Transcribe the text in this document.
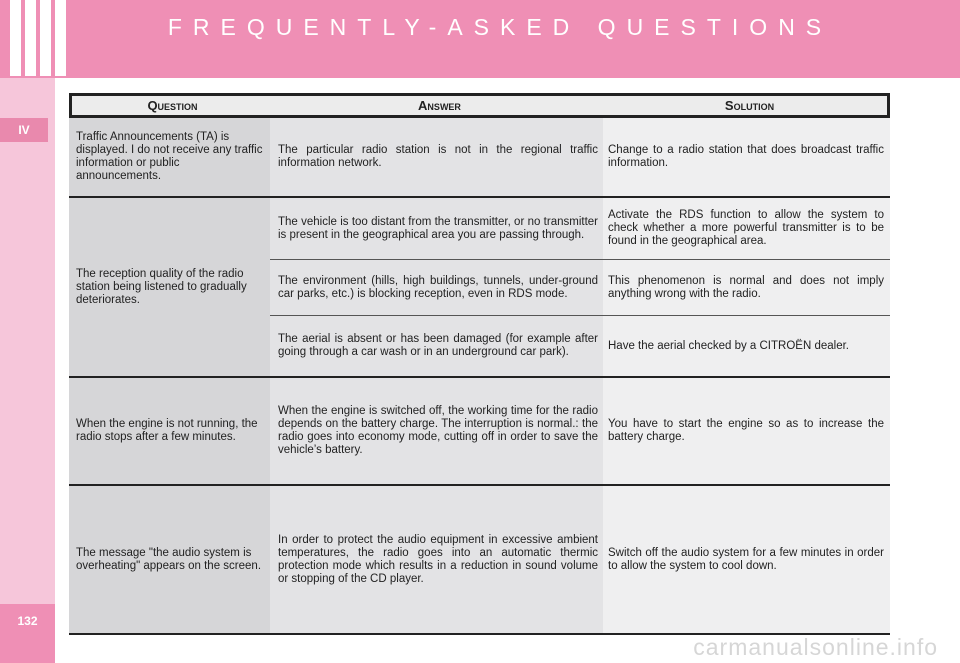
FREQUENTLY-ASKED QUESTIONS
IV
132
Question	Answer	Solution
Traffic Announcements (TA) is displayed. I do not receive any traffic information or public announcements.
The reception quality of the radio station being listened to gradually deteriorates.
When the engine is not running, the radio stops after a few minutes.
The message "the audio system is overheating" appears on the screen.
The particular radio station is not in the regional traffic information network.
Change to a radio station that does broadcast traffic information.
The vehicle is too distant from the transmitter, or no transmitter is present in the geographical area you are passing through.
Activate the RDS function to allow the system to check whether a more powerful transmitter is to be found in the geographical area.
The environment (hills, high buildings, tunnels, under-ground car parks, etc.) is blocking reception, even in RDS mode.
This phenomenon is normal and does not imply anything wrong with the radio.
The aerial is absent or has been damaged (for example after going through a car wash or in an underground car park).
Have the aerial checked by a CITROËN dealer.
When the engine is switched off, the working time for the radio depends on the battery charge. The interruption is normal.: the radio goes into economy mode, cutting off in order to save the vehicle’s battery.
You have to start the engine so as to increase the battery charge.
In order to protect the audio equipment in excessive ambient temperatures, the radio goes into an automatic thermic protection mode which results in a reduction in sound volume or stopping of the CD player.
Switch off the audio system for a few minutes in order to allow the system to cool down.
carmanualsonline.info
